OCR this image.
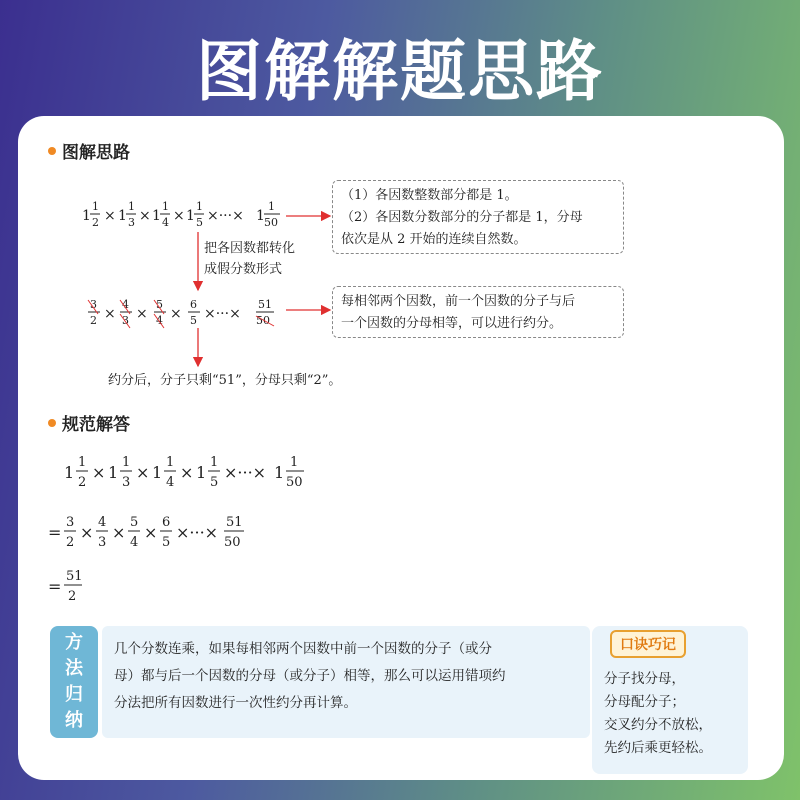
图解解题思路
图解思路
1
1
2 × 1
1
3 × 1
1
4 × 1
1
5 ×···× 1
1
50
3
2 ×
4
3 ×
5
4 ×
6
5 ×···×
51
50
把各因数都转化
成假分数形式
（1）各因数整数部分都是 1。
（2）各因数分数部分的分子都是 1，分母
依次是从 2 开始的连续自然数。
每相邻两个因数，前一个因数的分子与后
一个因数的分母相等，可以进行约分。
约分后，分子只剩“51”，分母只剩“2”。
规范解答
1
1
2
× 1
1
3
× 1
1
4
× 1
1
5
×···× 1
1
50
=
3
2
×
4
3
×
5
4
×
6
5
×···×
51
50
=
51
2
方
法
归
纳
几个分数连乘，如果每相邻两个因数中前一个因数的分子（或分
母）都与后一个因数的分母（或分子）相等，那么可以运用错项约
分法把所有因数进行一次性约分再计算。
口诀巧记
分子找分母，
分母配分子；
交叉约分不放松，
先约后乘更轻松。
